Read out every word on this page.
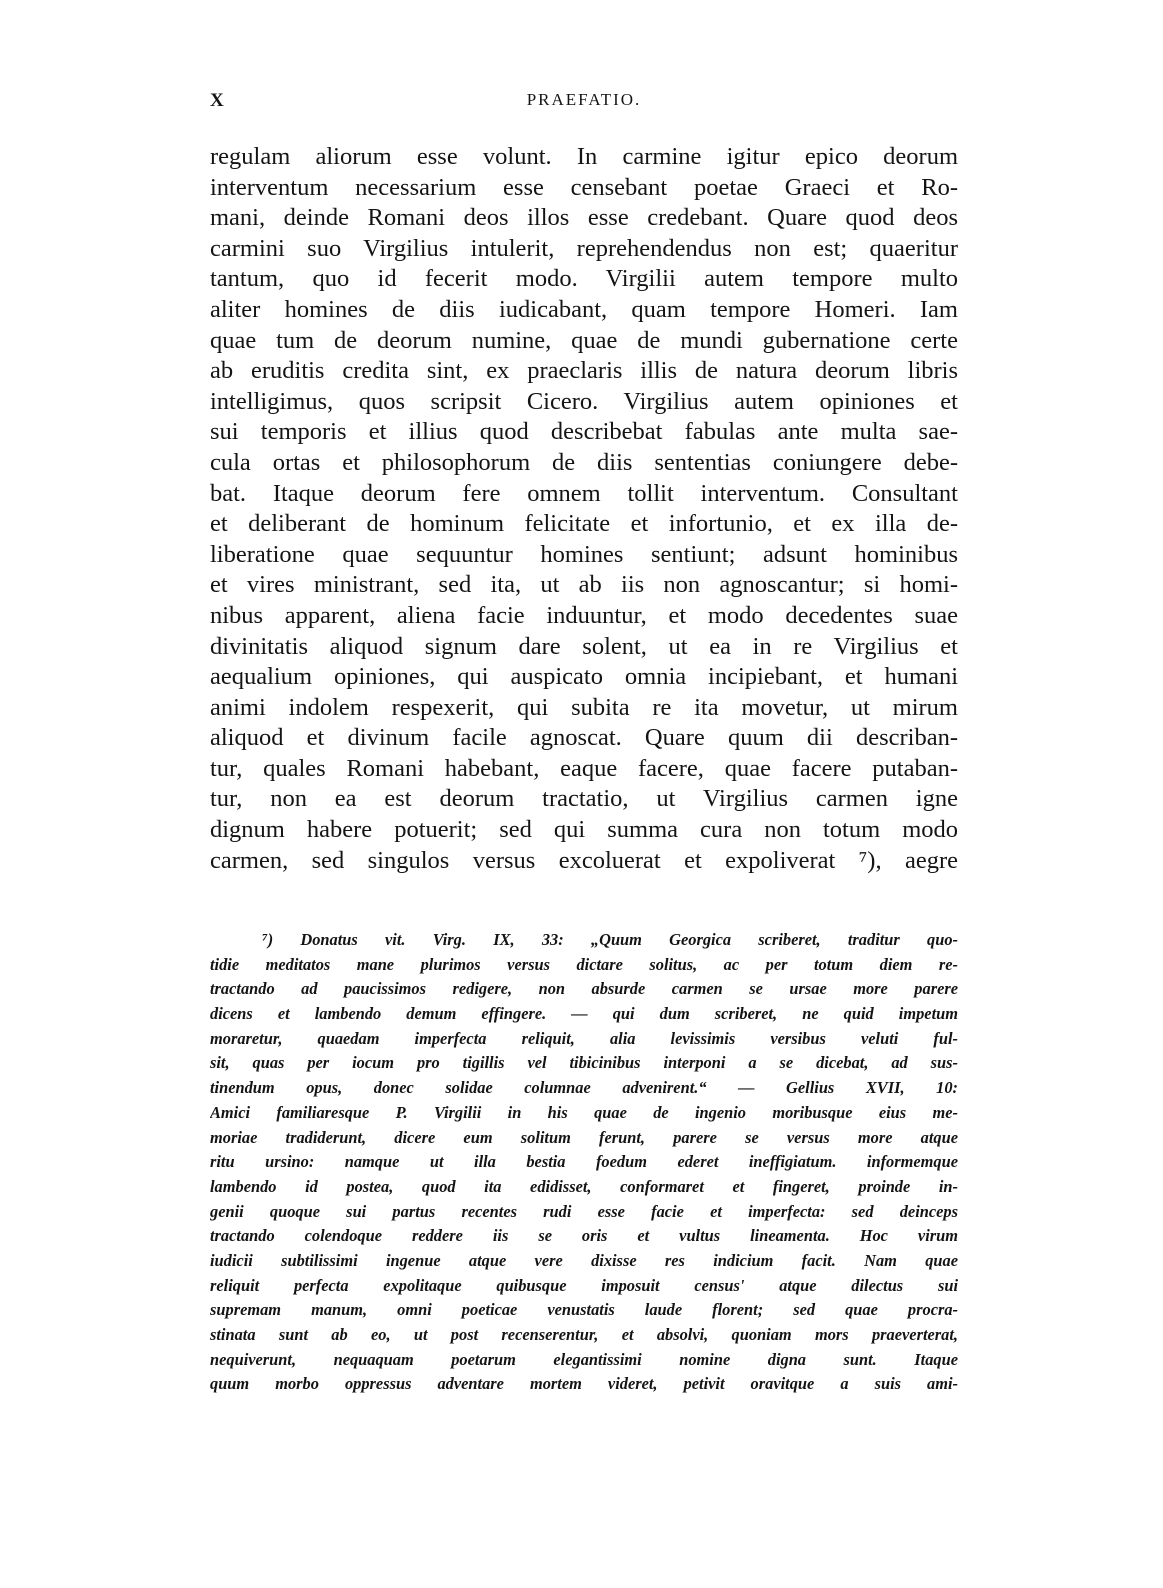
X	PRAEFATIO.
regulam aliorum esse volunt. In carmine igitur epico deorum
interventum necessarium esse censebant poetae Graeci et Ro-
mani, deinde Romani deos illos esse credebant. Quare quod deos
carmini suo Virgilius intulerit, reprehendendus non est; quaeritur
tantum, quo id fecerit modo. Virgilii autem tempore multo
aliter homines de diis iudicabant, quam tempore Homeri. Iam
quae tum de deorum numine, quae de mundi gubernatione certe
ab eruditis credita sint, ex praeclaris illis de natura deorum libris
intelligimus, quos scripsit Cicero. Virgilius autem opiniones et
sui temporis et illius quod describebat fabulas ante multa sae-
cula ortas et philosophorum de diis sententias coniungere debe-
bat. Itaque deorum fere omnem tollit interventum. Consultant
et deliberant de hominum felicitate et infortunio, et ex illa de-
liberatione quae sequuntur homines sentiunt; adsunt hominibus
et vires ministrant, sed ita, ut ab iis non agnoscantur; si homi-
nibus apparent, aliena facie induuntur, et modo decedentes suae
divinitatis aliquod signum dare solent, ut ea in re Virgilius et
aequalium opiniones, qui auspicato omnia incipiebant, et humani
animi indolem respexerit, qui subita re ita movetur, ut mirum
aliquod et divinum facile agnoscat. Quare quum dii describan-
tur, quales Romani habebant, eaque facere, quae facere putaban-
tur, non ea est deorum tractatio, ut Virgilius carmen igne
dignum habere potuerit; sed qui summa cura non totum modo
carmen, sed singulos versus excoluerat et expoliverat ⁷), aegre
⁷) Donatus vit. Virg. IX, 33: „Quum Georgica scriberet, traditur quo-
tidie meditatos mane plurimos versus dictare solitus, ac per totum diem re-
tractando ad paucissimos redigere, non absurde carmen se ursae more parere
dicens et lambendo demum effingere. — qui dum scriberet, ne quid impetum
moraretur, quaedam imperfecta reliquit, alia levissimis versibus veluti ful-
sit, quas per iocum pro tigillis vel tibicinibus interponi a se dicebat, ad sus-
tinendum opus, donec solidae columnae advenirent.“ — Gellius XVII, 10:
Amici familiaresque P. Virgilii in his quae de ingenio moribusque eius me-
moriae tradiderunt, dicere eum solitum ferunt, parere se versus more atque
ritu ursino: namque ut illa bestia foedum ederet ineffigiatum. informemque
lambendo id postea, quod ita edidisset, conformaret et fingeret, proinde in-
genii quoque sui partus recentes rudi esse facie et imperfecta: sed deinceps
tractando colendoque reddere iis se oris et vultus lineamenta. Hoc virum
iudicii subtilissimi ingenue atque vere dixisse res indicium facit. Nam quae
reliquit perfecta expolitaque quibusque imposuit census' atque dilectus sui
supremam manum, omni poeticae venustatis laude florent; sed quae procra-
stinata sunt ab eo, ut post recenserentur, et absolvi, quoniam mors praeverterat,
nequiverunt, nequaquam poetarum elegantissimi nomine digna sunt. Itaque
quum morbo oppressus adventare mortem videret, petivit oravitque a suis ami-
